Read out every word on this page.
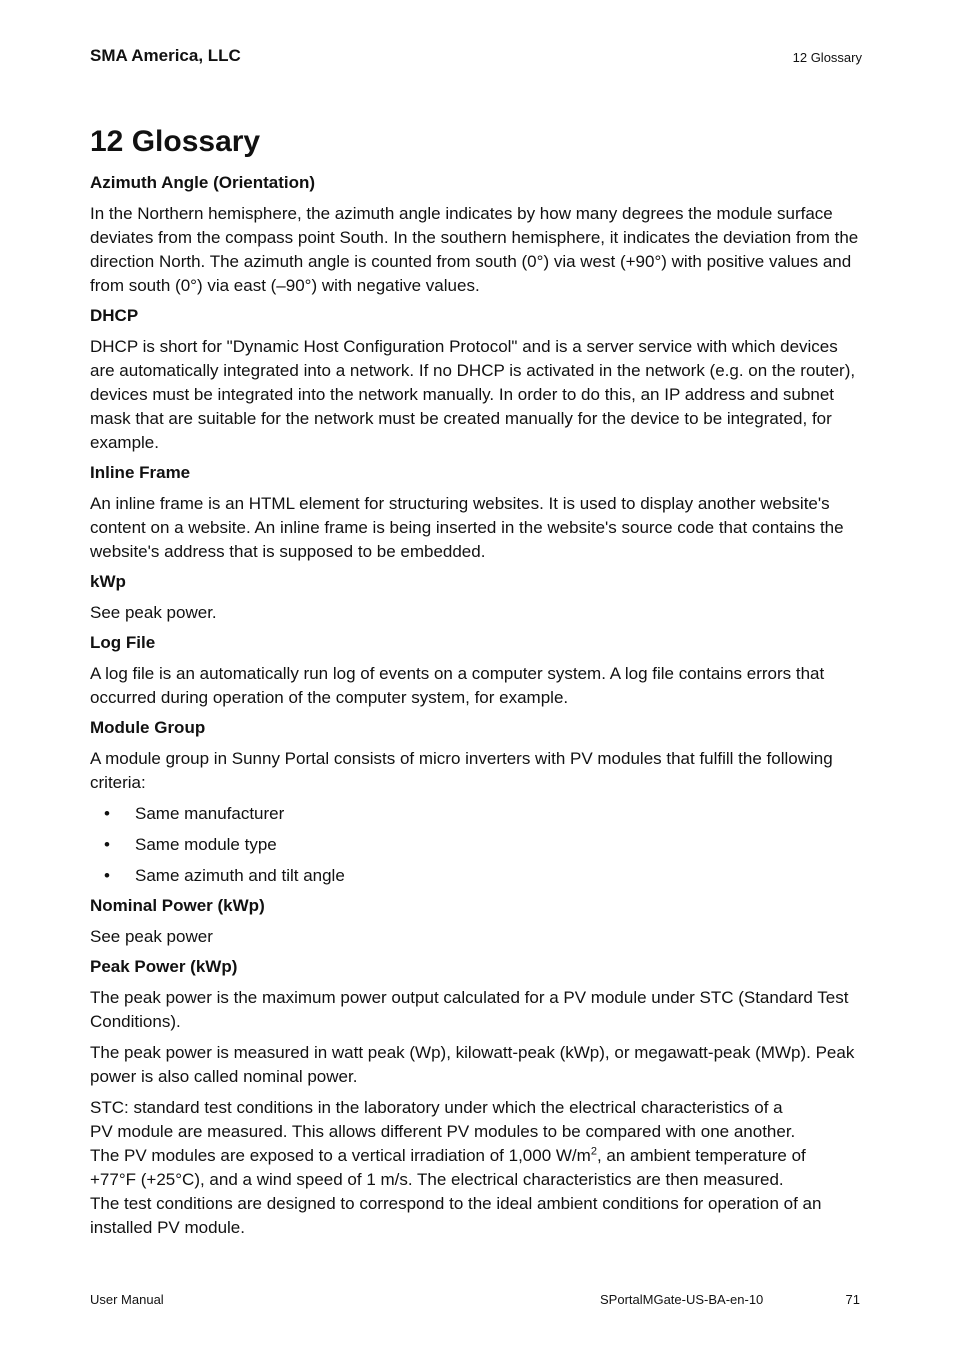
SMA America, LLC	12 Glossary
12 Glossary
Azimuth Angle (Orientation)

In the Northern hemisphere, the azimuth angle indicates by how many degrees the module surface deviates from the compass point South. In the southern hemisphere, it indicates the deviation from the direction North. The azimuth angle is counted from south (0°) via west (+90°) with positive values and from south (0°) via east (–90°) with negative values.

DHCP

DHCP is short for "Dynamic Host Configuration Protocol" and is a server service with which devices are automatically integrated into a network. If no DHCP is activated in the network (e.g. on the router), devices must be integrated into the network manually. In order to do this, an IP address and subnet mask that are suitable for the network must be created manually for the device to be integrated, for example.

Inline Frame

An inline frame is an HTML element for structuring websites. It is used to display another website's content on a website. An inline frame is being inserted in the website's source code that contains the website's address that is supposed to be embedded.

kWp

See peak power.

Log File

A log file is an automatically run log of events on a computer system. A log file contains errors that occurred during operation of the computer system, for example.

Module Group

A module group in Sunny Portal consists of micro inverters with PV modules that fulfill the following criteria:

• Same manufacturer
• Same module type
• Same azimuth and tilt angle
Nominal Power (kWp)

See peak power

Peak Power (kWp)

The peak power is the maximum power output calculated for a PV module under STC (Standard Test Conditions).

The peak power is measured in watt peak (Wp), kilowatt-peak (kWp), or megawatt-peak (MWp). Peak power is also called nominal power.

STC: standard test conditions in the laboratory under which the electrical characteristics of a
PV module are measured. This allows different PV modules to be compared with one another.
The PV modules are exposed to a vertical irradiation of 1,000 $W/m^2$, an ambient temperature of
+77°F (+25°C), and a wind speed of 1 m/s. The electrical characteristics are then measured.
The test conditions are designed to correspond to the ideal ambient conditions for operation of an installed PV module.

User Manual	SPortalMGate-US-BA-en-10	71
